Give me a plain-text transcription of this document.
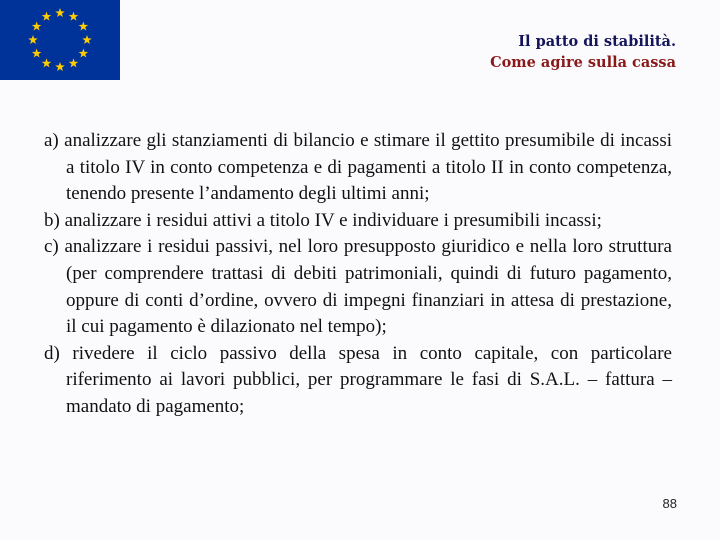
Il patto di stabilità.
Come agire sulla cassa

a) analizzare gli stanziamenti di bilancio e stimare il gettito presumibile di incassi a titolo IV in conto competenza e di pagamenti a titolo II in conto competenza, tenendo presente l’andamento degli ultimi anni;

b) analizzare i residui attivi a titolo IV e individuare i presumibili incassi;

c) analizzare i residui passivi, nel loro presupposto giuridico e nella loro struttura (per comprendere trattasi di debiti patrimoniali, quindi di futuro pagamento, oppure di conti d’ordine, ovvero di impegni finanziari in attesa di prestazione, il cui pagamento è dilazionato nel tempo);

d) rivedere il ciclo passivo della spesa in conto capitale, con particolare riferimento ai lavori pubblici, per programmare le fasi di S.A.L. – fattura – mandato di pagamento;

88
